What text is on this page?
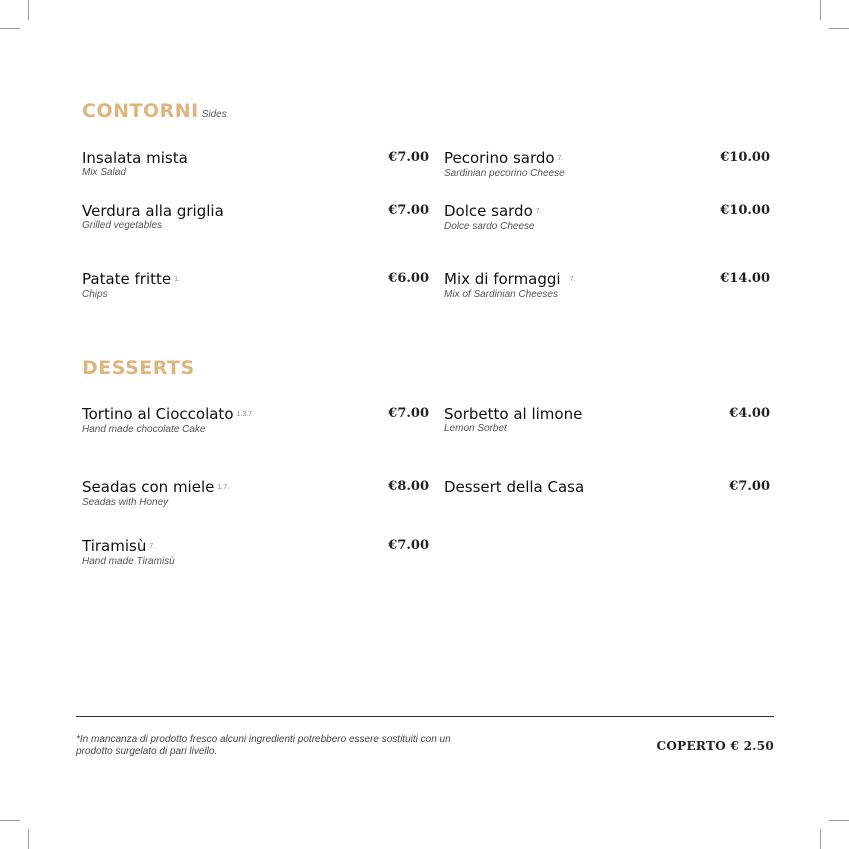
CONTORNI Sides
Insalata mista
Mix Salad
€7.00
Verdura alla griglia
Grilled vegetables
€7.00
Patate fritte 1.
Chips
€6.00
Pecorino sardo 7.
Sardinian pecorino Cheese
€10.00
Dolce sardo 7.
Dolce sardo Cheese
€10.00
Mix di formaggi 7.
Mix of Sardinian Cheeses
€14.00
DESSERTS
Tortino al Cioccolato 1.3.7.
Hand made chocolate Cake
€7.00
Seadas con miele 1.7.
Seadas with Honey
€8.00
Tiramisù 7.
Hand made Tiramisù
€7.00
Sorbetto al limone
Lemon Sorbet
€4.00
Dessert della Casa	€7.00
*In mancanza di prodotto fresco alcuni ingredienti potrebbero essere sostituiti con un prodotto surgelato di pari livello.	COPERTO € 2.50
